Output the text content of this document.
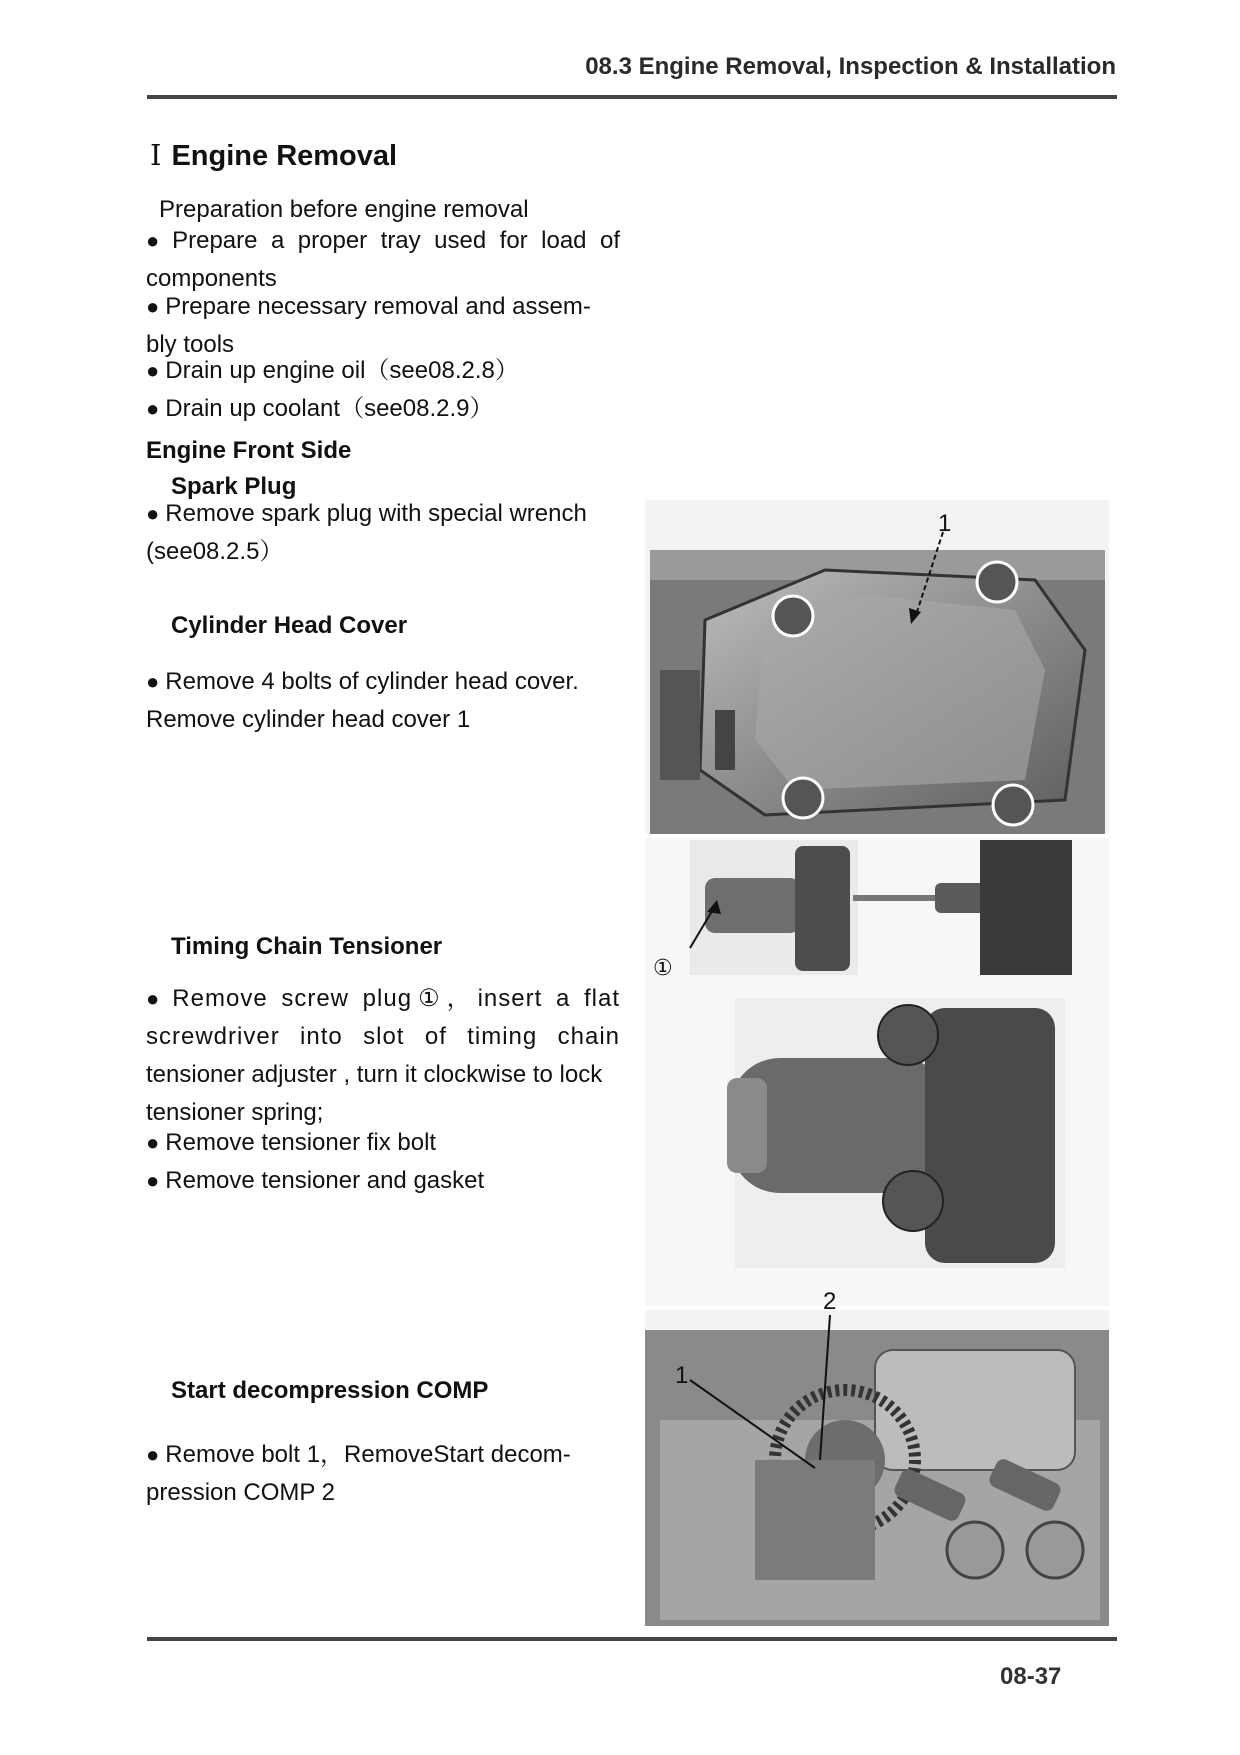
08.3 Engine Removal, Inspection & Installation
Ⅰ Engine Removal
Preparation before engine removal
● Prepare a proper tray used for load of
components
● Prepare necessary removal and assem-
bly tools
● Drain up engine oil（see08.2.8）
● Drain up coolant（see08.2.9）
Engine Front Side
Spark Plug
● Remove spark plug with special wrench
(see08.2.5）
Cylinder Head Cover
● Remove 4 bolts of cylinder head cover.
Remove cylinder head cover 1
Timing Chain Tensioner
● Remove screw plug①，insert a flat
screwdriver into slot of timing chain
tensioner adjuster , turn it clockwise to lock
tensioner spring;
● Remove tensioner fix bolt
● Remove tensioner and gasket
Start decompression COMP
● Remove bolt 1，RemoveStart decom-
pression COMP 2
1
①
1
2
08-37
